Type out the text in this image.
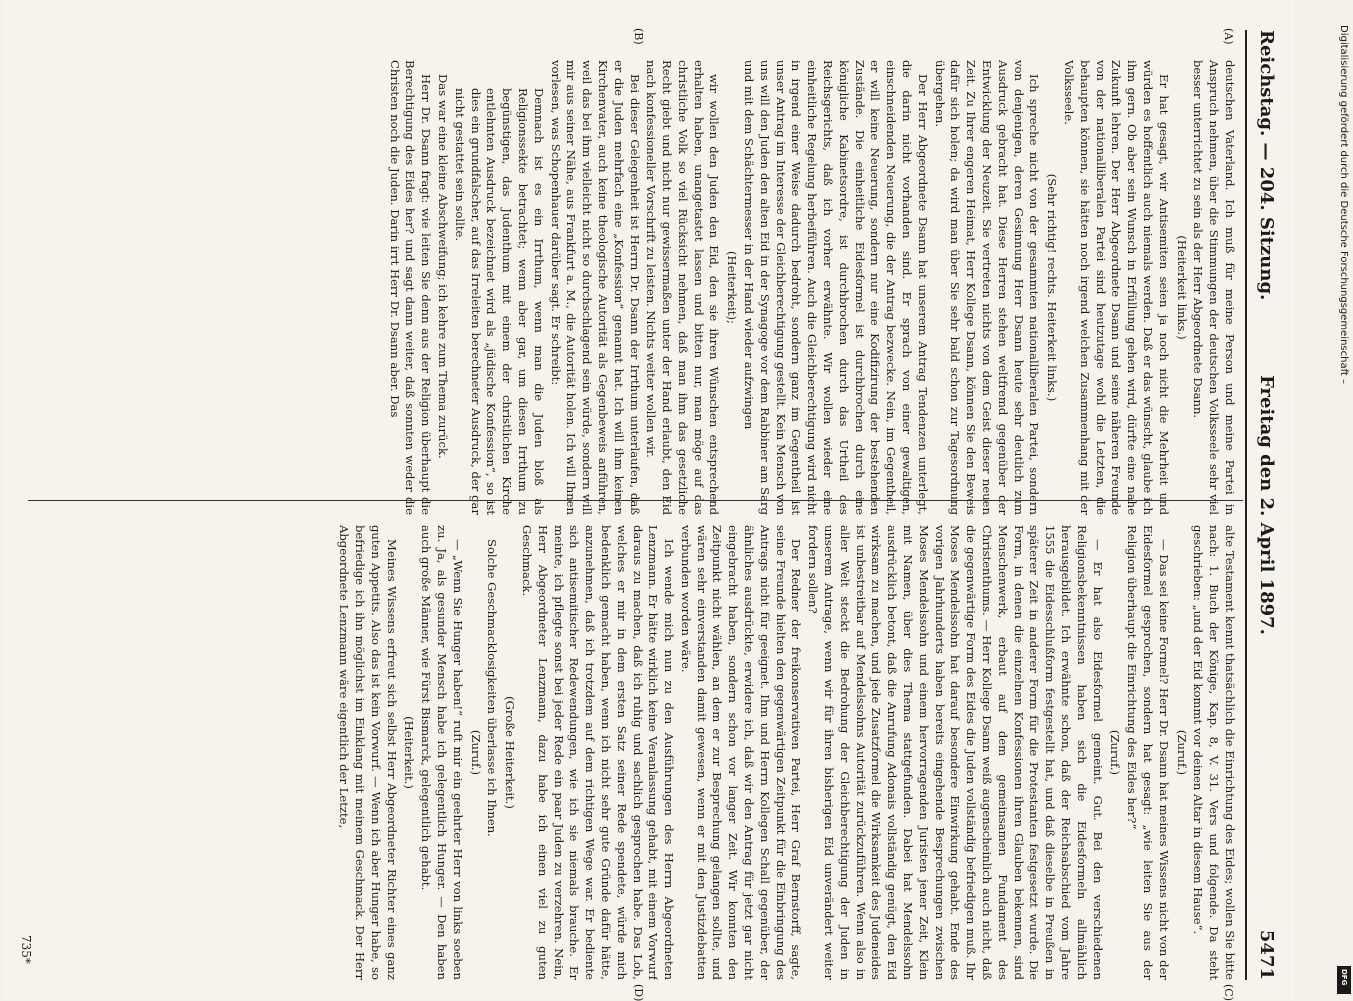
Reichstag. — 204. Sitzung.
Freitag den 2. April 1897.
5471
(A)
(B)
(C)
(D)

deutschen Vaterland. Ich muß für meine Person und meine Partei in Anspruch nehmen, über die Stimmungen der deutschen Volksseele sehr viel besser unterrichtet zu sein als der Herr Abgeordnete Dsann.

(Heiterkeit links.)

Er hat gesagt, wir Antisemiten seien ja noch nicht die Mehrheit und würden es hoffentlich auch niemals werden. Daß er das wünscht, glaube ich ihm gern. Ob aber sein Wunsch in Erfüllung gehen wird, dürfte eine nahe Zukunft lehren. Der Herr Abgeordnete Dsann und seine näheren Freunde von der nationalliberalen Partei sind heutzutage wohl die Letzten, die behaupten können, sie hätten noch irgend welchen Zusammenhang mit der Volksseele.

(Sehr richtig! rechts. Heiterkeit links.)

Ich spreche nicht von der gesammten nationalliberalen Partei, sondern von denjenigen, deren Gesinnung Herr Dsann heute sehr deutlich zum Ausdruck gebracht hat. Diese Herren stehen weltfremd gegenüber der Entwicklung der Neuzeit. Sie vertreten nichts von dem Geist dieser neuen Zeit. Zu Ihrer engeren Heimat, Herr Kollege Dsann, können Sie den Beweis dafür sich holen; da wird man über Sie sehr bald schon zur Tagesordnung übergehen.

Der Herr Abgeordnete Dsann hat unserem Antrag Tendenzen unterlegt, die darin nicht vorhanden sind. Er sprach von einer gewaltigen, einschneidenden Neuerung, die der Antrag bezwecke. Nein, im Gegentheil, er will keine Neuerung, sondern nur eine Kodifizirung der bestehenden Zustände. Die einheitliche Eidesformel ist durchbrochen durch eine königliche Kabinetsordre, ist durchbrochen durch das Urtheil des Reichsgerichts, daß ich vorher erwähnte. Wir wollen wieder eine einheitliche Regelung herbeiführen. Auch die Gleichberechtigung wird nicht in irgend einer Weise dadurch bedroht, sondern ganz im Gegentheil ist unser Antrag im Interesse der Gleichberechtigung gestellt. Kein Mensch von uns will den Juden den alten Eid in der Synagoge vor dem Rabbiner am Sarg und mit dem Schächtermesser in der Hand wieder aufzwingen

(Heiterkeit);

wir wollen den Juden den Eid, den sie ihren Wünschen entsprechend erhalten haben, unangetastet lassen und bitten nur, man möge auf das christliche Volk so viel Rücksicht nehmen, daß man ihm das gesetzliche Recht giebt und nicht nur gewissermaßen unter der Hand erlaubt, den Eid nach konfessioneller Vorschrift zu leisten. Nichts weiter wollen wir.

Bei dieser Gelegenheit ist Herrn Dr. Dsann der Irrthum unterlaufen, daß er die Juden mehrfach eine „Konfession“ genannt hat. Ich will ihm keinen Kirchenvater, auch keine theologische Autorität als Gegenbeweis anführen, weil das bei ihm vielleicht nicht so durchschlagend sein würde, sondern will mir aus seiner Nähe, aus Frankfurt a. M., die Autorität holen. Ich will Ihnen vorlesen, was Schopenhauer darüber sagt. Er schreibt:

Demnach ist es ein Irrthum, wenn man die Juden bloß als Religionssekte betrachtet; wenn aber gar, um diesen Irrthum zu begünstigen, das Judenthum mit einem der christlichen Kirche entlehnten Ausdruck bezeichnet wird als „jüdische Konfession“, so ist dies ein grundfalscher, auf das Irreleiten berechneter Ausdruck, der gar nicht gestattet sein sollte.

Das war eine kleine Abschweifung; ich kehre zum Thema zurück.

Herr Dr. Dsann fragt: wie leiten Sie denn aus der Religion überhaupt die Berechtigung des Eides her? und sagt dann weiter, daß sonnten weder die Christen noch die Juden. Darin irrt Herr Dr. Dsann aber. Das

alte Testament kennt thatsächlich die Einrichtung des Eides; wollen Sie bitte nach: 1. Buch der Könige, Kap. 8, V. 31. Vers und folgende. Da steht geschrieben: „und der Eid kommt vor deinen Altar in diesem Hause“.

(Zuruf.)

— Das sei keine Formel? Herr Dr. Dsann hat meines Wissens nicht von der Eidesformel gesprochen, sondern hat gesagt: „wie leiten Sie aus der Religion überhaupt die Einrichtung des Eides her?“

(Zuruf.)

— Er hat also Eidesformel gemeint. Gut. Bei den verschiedenen Religionsbekenntnissen haben sich die Eidesformeln allmählich herausgebildet. Ich erwähnte schon, daß der Reichsabschied vom Jahre 1555 die Eidesschlußform festgestellt hat, und daß dieselbe in Preußen in späterer Zeit in anderer Form für die Protestanten festgesetzt wurde. Die Form, in denen die einzelnen Konfessionen ihren Glauben bekennen, sind Menschenwerk, erbaut auf dem gemeinsamen Fundament des Christenthums. — Herr Kollege Dsann weiß augenscheinlich auch nicht, daß die gegenwärtige Form des Eides die Juden vollständig befriedigen muß. Ihr Moses Mendelssohn hat darauf besondere Einwirkung gehabt. Ende des vorigen Jahrhunderts haben bereits eingehende Besprechungen zwischen Moses Mendelssohn und einem hervorragenden Juristen jener Zeit, Klein mit Namen, über dies Thema stattgefunden. Dabei hat Mendelssohn ausdrücklich betont, daß die Anrufung Adonais vollständig genügt, den Eid wirksam zu machen, und jede Zusatzformel die Wirksamkeit des Judeneides ist unbestreitbar auf Mendelssohns Autorität zurückzuführen. Wenn also in aller Welt steckt die Bedrohung der Gleichberechtigung der Juden in unserem Antrage, wenn wir für ihren bisherigen Eid unverändert weiter fordern sollen?

Der Redner der freikonservativen Partei, Herr Graf Bernstorff, sagte, seine Freunde hielten den gegenwärtigen Zeitpunkt für die Einbringung des Antrags nicht für geeignet. Ihm und Herrn Kollegen Schall gegenüber, der ähnliches ausdrückte, erwidere ich, daß wir den Antrag für jetzt gar nicht eingebracht haben, sondern schon vor langer Zeit. Wir konnten den Zeitpunkt nicht wählen, an dem er zur Besprechung gelangen sollte, und wären sehr einverstanden damit gewesen, wenn er mit den Justizdebatten verbunden worden wäre.

Ich wende mich nun zu den Ausführungen des Herrn Abgeordneten Lenzmann. Er hätte wirklich keine Veranlassung gehabt, mit einem Vorwurf daraus zu machen, daß ich ruhig und sachlich gesprochen habe. Das Lob, welches er mir in dem ersten Satz seiner Rede spendete, würde mich bedenklich gemacht haben, wenn ich nicht sehr gute Gründe dafür hätte, anzunehmen, daß ich trotzdem auf dem richtigen Wege war. Er bediente sich antisemitischer Redewendungen, wie ich sie niemals brauche. Er meinte, ich pflegte sonst bei jeder Rede ein paar Juden zu verzehren. Nein, Herr Abgeordneter Lenzmann, dazu habe ich einen viel zu guten Geschmack.

(Große Heiterkeit.)

Solche Geschmacklosigkeiten überlasse ich Ihnen.

(Zuruf.)

— „Wenn Sie Hunger haben!“ ruft mir ein geehrter Herr von links soeben zu. Ja, als gesunder Mensch habe ich gelegentlich Hunger. — Den haben auch große Männer, wie Fürst Bismarck, gelegentlich gehabt.

(Heiterkeit.)

Meines Wissens erfreut sich selbst Herr Abgeordneter Richter eines ganz guten Appetits. Also das ist kein Vorwurf. — Wenn ich aber Hunger habe, so befriedige ich ihn möglichst im Einklang mit meinem Geschmack. Der Herr Abgeordnete Lenzmann wäre eigentlich der Letzte,

735*
Digitalisierung gefördert durch die Deutsche Forschungsgemeinschaft –
DFG
